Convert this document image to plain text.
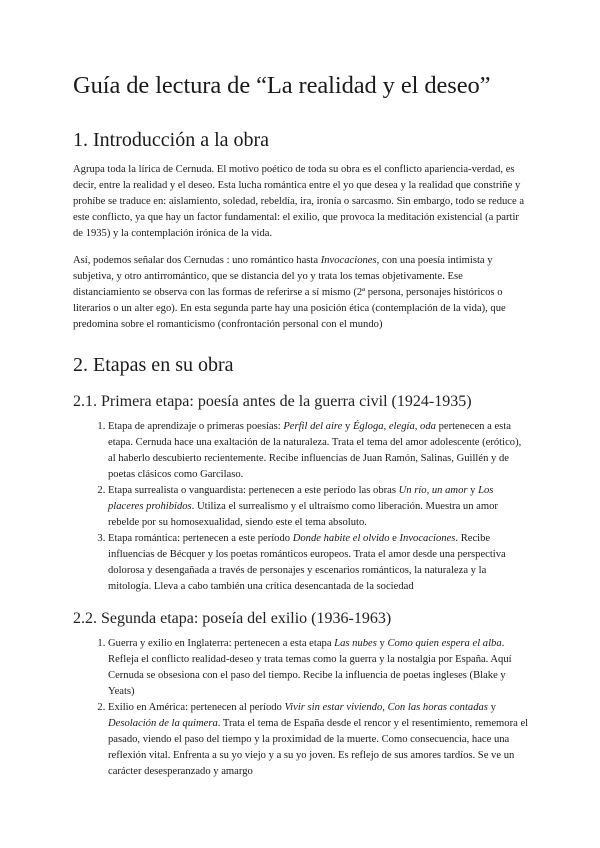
Guía de lectura de “La realidad y el deseo”
1. Introducción a la obra

Agrupa toda la lírica de Cernuda. El motivo poético de toda su obra es el conflicto apariencia-verdad, es decir, entre la realidad y el deseo. Esta lucha romántica entre el yo que desea y la realidad que constriñe y prohíbe se traduce en: aislamiento, soledad, rebeldía, ira, ironía o sarcasmo. Sin embargo, todo se reduce a este conflicto, ya que hay un factor fundamental: el exilio, que provoca la meditación existencial (a partir de 1935) y la contemplación irónica de la vida.

Así, podemos señalar dos Cernudas : uno romántico hasta Invocaciones, con una poesía intimista y subjetiva, y otro antirromántico, que se distancia del yo y trata los temas objetivamente. Ese distanciamiento se observa con las formas de referirse a sí mismo (2ª persona, personajes históricos o literarios o un alter ego). En esta segunda parte hay una posición ética (contemplación de la vida), que predomina sobre el romanticismo (confrontación personal con el mundo)

2. Etapas en su obra
2.1. Primera etapa: poesía antes de la guerra civil (1924-1935)
1. Etapa de aprendizaje o primeras poesías: Perfil del aire y Égloga, elegía, oda pertenecen a esta etapa. Cernuda hace una exaltación de la naturaleza. Trata el tema del amor adolescente (erótico), al haberlo descubierto recientemente. Recibe influencias de Juan Ramón, Salinas, Guillén y de poetas clásicos como Garcilaso.
2. Etapa surrealista o vanguardista: pertenecen a este período las obras Un río, un amor y Los placeres prohibidos. Utiliza el surrealismo y el ultraísmo como liberación. Muestra un amor rebelde por su homosexualidad, siendo este el tema absoluto.
3. Etapa romántica: pertenecen a este período Donde habite el olvido e Invocaciones. Recibe influencias de Bécquer y los poetas románticos europeos. Trata el amor desde una perspectiva dolorosa y desengañada a través de personajes y escenarios románticos, la naturaleza y la mitología. Lleva a cabo también una crítica desencantada de la sociedad
2.2. Segunda etapa: poseía del exilio (1936-1963)
1. Guerra y exilio en Inglaterra: pertenecen a esta etapa Las nubes y Como quien espera el alba. Refleja el conflicto realidad-deseo y trata temas como la guerra y la nostalgia por España. Aquí Cernuda se obsesiona con el paso del tiempo. Recibe la influencia de poetas ingleses (Blake y Yeats)
2. Exilio en América: pertenecen al período Vivir sin estar viviendo, Con las horas contadas y Desolación de la quimera. Trata el tema de España desde el rencor y el resentimiento, rememora el pasado, viendo el paso del tiempo y la proximidad de la muerte. Como consecuencia, hace una reflexión vital. Enfrenta a su yo viejo y a su yo joven. Es reflejo de sus amores tardíos. Se ve un carácter desesperanzado y amargo
